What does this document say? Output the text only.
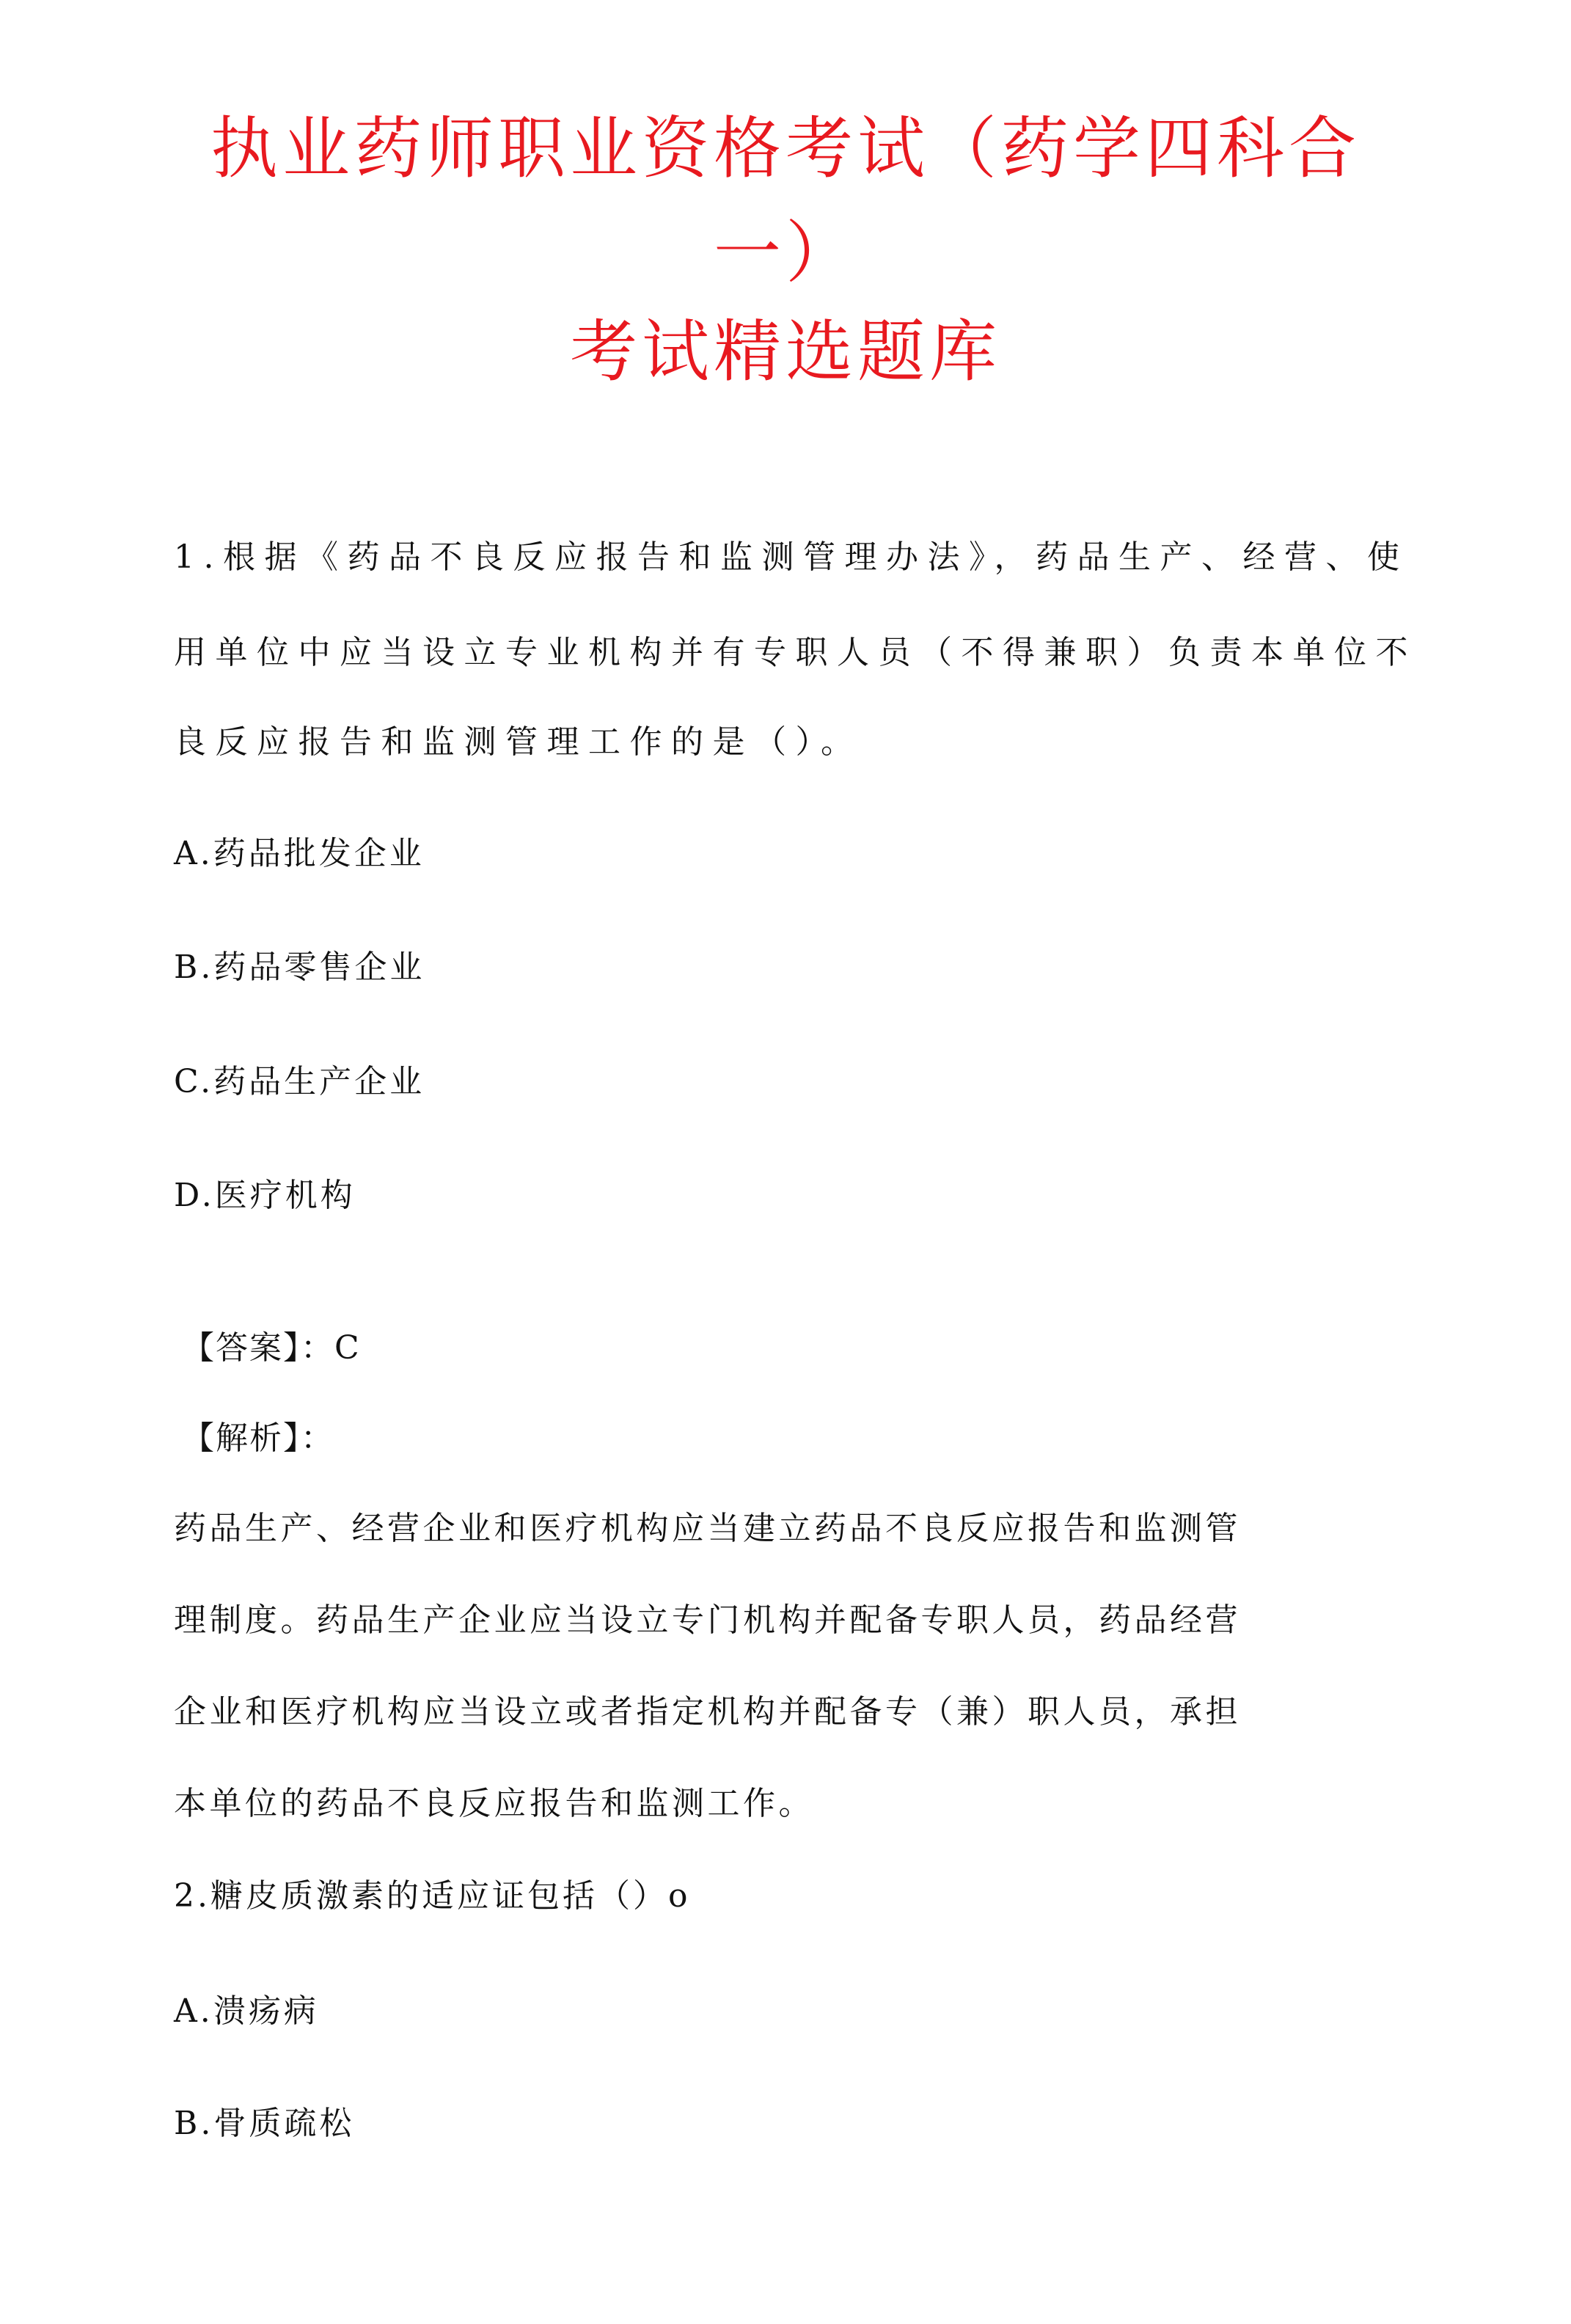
执业药师职业资格考试（药学四科合
一）
考试精选题库
1.根据《药品不良反应报告和监测管理办法》，药品生产、经营、使
用单位中应当设立专业机构并有专职人员（不得兼职）负责本单位不
良反应报告和监测管理工作的是（）。
A.药品批发企业
B.药品零售企业
C.药品生产企业
D.医疗机构
【答案】：C
【解析】：
药品生产、经营企业和医疗机构应当建立药品不良反应报告和监测管
理制度。药品生产企业应当设立专门机构并配备专职人员，药品经营
企业和医疗机构应当设立或者指定机构并配备专（兼）职人员，承担
本单位的药品不良反应报告和监测工作。
2.糖皮质激素的适应证包括（）o
A.溃疡病
B.骨质疏松
